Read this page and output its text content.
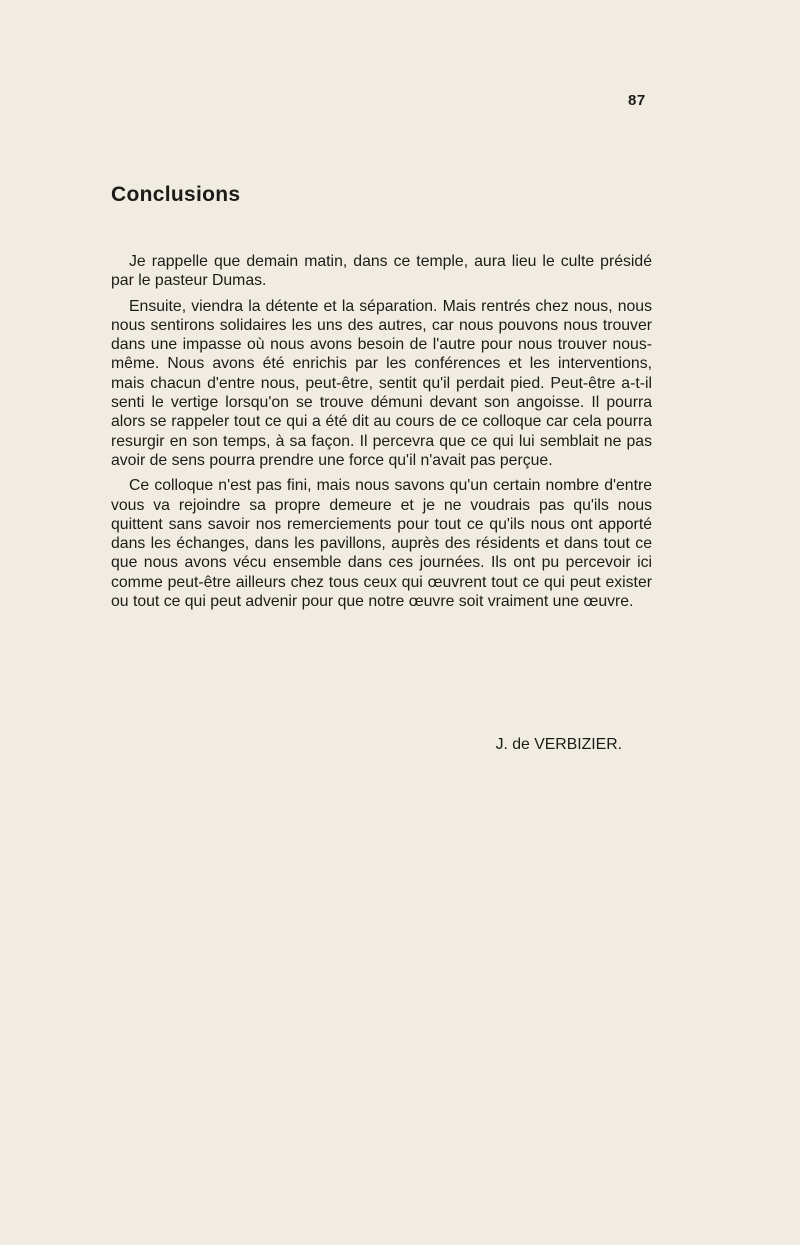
87
Conclusions

Je rappelle que demain matin, dans ce temple, aura lieu le culte présidé par le pasteur Dumas.

Ensuite, viendra la détente et la séparation. Mais rentrés chez nous, nous nous sentirons solidaires les uns des autres, car nous pouvons nous trouver dans une impasse où nous avons besoin de l'autre pour nous trouver nous-même. Nous avons été enrichis par les conférences et les interventions, mais chacun d'entre nous, peut-être, sentit qu'il perdait pied. Peut-être a-t-il senti le vertige lorsqu'on se trouve démuni devant son angoisse. Il pourra alors se rappeler tout ce qui a été dit au cours de ce colloque car cela pourra resurgir en son temps, à sa façon. Il percevra que ce qui lui semblait ne pas avoir de sens pourra prendre une force qu'il n'avait pas perçue.

Ce colloque n'est pas fini, mais nous savons qu'un certain nombre d'entre vous va rejoindre sa propre demeure et je ne voudrais pas qu'ils nous quittent sans savoir nos remerciements pour tout ce qu'ils nous ont apporté dans les échanges, dans les pavillons, auprès des résidents et dans tout ce que nous avons vécu ensemble dans ces journées. Ils ont pu percevoir ici comme peut-être ailleurs chez tous ceux qui œuvrent tout ce qui peut exister ou tout ce qui peut advenir pour que notre œuvre soit vraiment une œuvre.

J. de VERBIZIER.
